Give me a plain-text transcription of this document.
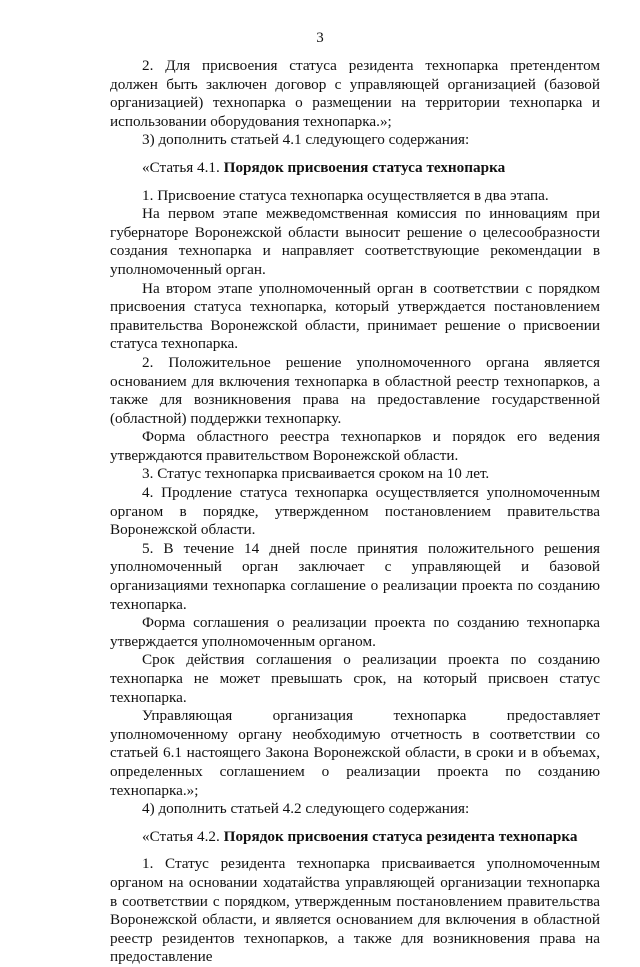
3

2. Для присвоения статуса резидента технопарка претендентом должен быть заключен договор с управляющей организацией (базовой организацией) технопарка о размещении на территории технопарка и использовании оборудования технопарка.»;

3) дополнить статьей 4.1 следующего содержания:

«Статья 4.1. Порядок присвоения статуса технопарка

1. Присвоение статуса технопарка осуществляется в два этапа.

На первом этапе межведомственная комиссия по инновациям при губернаторе Воронежской области выносит решение о целесообразности создания технопарка и направляет соответствующие рекомендации в уполномоченный орган.

На втором этапе уполномоченный орган в соответствии с порядком присвоения статуса технопарка, который утверждается постановлением правительства Воронежской области, принимает решение о присвоении статуса технопарка.

2. Положительное решение уполномоченного органа является основанием для включения технопарка в областной реестр технопарков, а также для возникновения права на предоставление государственной (областной) поддержки технопарку.

Форма областного реестра технопарков и порядок его ведения утверждаются правительством Воронежской области.

3. Статус технопарка присваивается сроком на 10 лет.

4. Продление статуса технопарка осуществляется уполномоченным органом в порядке, утвержденном постановлением правительства Воронежской области.

5. В течение 14 дней после принятия положительного решения уполномоченный орган заключает с управляющей и базовой организациями технопарка соглашение о реализации проекта по созданию технопарка.

Форма соглашения о реализации проекта по созданию технопарка утверждается уполномоченным органом.

Срок действия соглашения о реализации проекта по созданию технопарка не может превышать срок, на который присвоен статус технопарка.

Управляющая организация технопарка предоставляет уполномоченному органу необходимую отчетность в соответствии со статьей 6.1 настоящего Закона Воронежской области, в сроки и в объемах, определенных соглашением о реализации проекта по созданию технопарка.»;

4) дополнить статьей 4.2 следующего содержания:

«Статья 4.2. Порядок присвоения статуса резидента технопарка

1. Статус резидента технопарка присваивается уполномоченным органом на основании ходатайства управляющей организации технопарка в соответствии с порядком, утвержденным постановлением правительства Воронежской области, и является основанием для включения в областной реестр резидентов технопарков, а также для возникновения права на предоставление
